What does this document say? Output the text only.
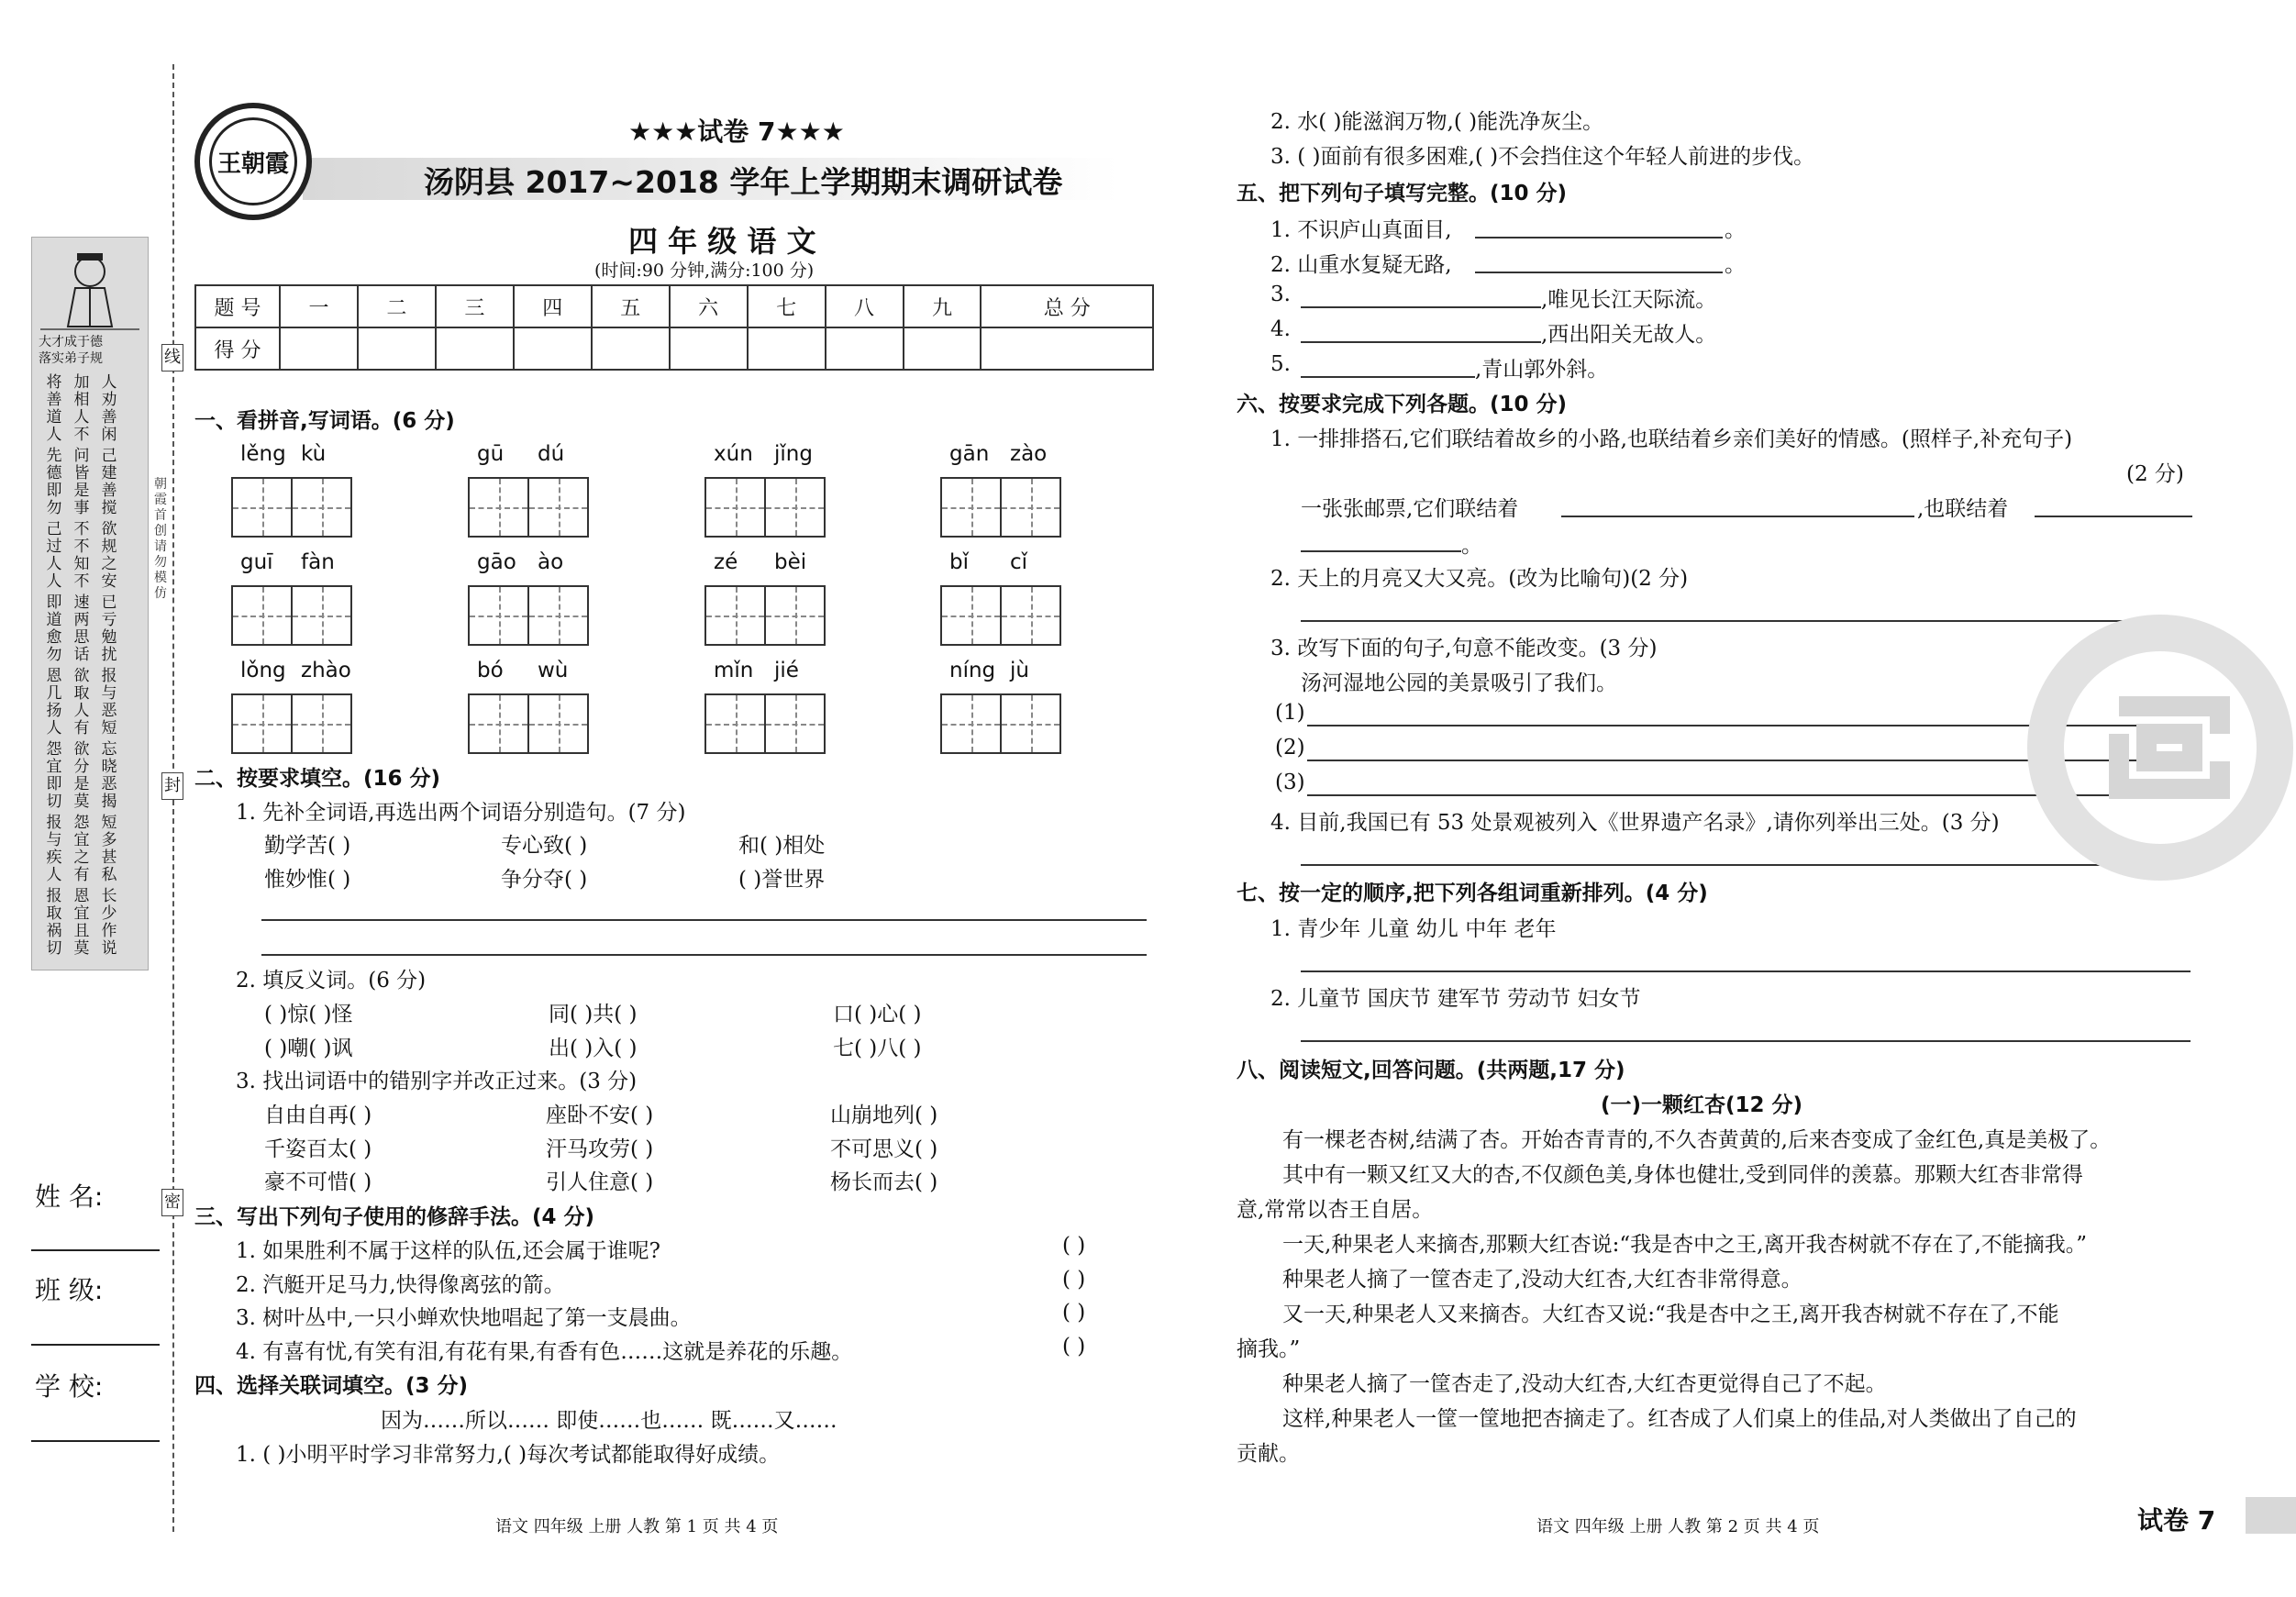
大才成于德
落实弟子规
将善道人
加相人不
人劝善闲
先德即勿
问皆是事
己建善搅
己过人人
不不知不
欲规之安
即道愈勿
速两思话
已亏勉扰
恩几扬人
欲取人有
报与恶短
怨宜即切
欲分是莫
忘晓恶揭
报与疾人
怨宜之有
短多甚私
报取祸切
恩宜且莫
长少作说
线
封
密
朝霞首创 请勿模仿
姓 名:
班 级:
学 校:
王朝霞
★★★试卷 7★★★
汤阴县 2017~2018 学年上学期期末调研试卷
四 年 级 语 文
(时间:90 分钟,满分:100 分)
题 号	一	二	三	四	五	六	七	八	九	总 分
得 分										
一、看拼音,写词语。(6 分)
lěng kù	gū dú	xún jǐng	gān zào
guī fàn	gāo ào	zé bèi	bǐ cǐ
lǒng zhào	bó wù	mǐn jié	níng jù
二、按要求填空。(16 分)
1. 先补全词语,再选出两个词语分别造句。(7 分)
勤学苦( )	专心致( )	和( )相处
惟妙惟( )	争分夺( )	( )誉世界
2. 填反义词。(6 分)
( )惊( )怪	同( )共( )	口( )心( )
( )嘲( )讽	出( )入( )	七( )八( )
3. 找出词语中的错别字并改正过来。(3 分)
自由自再( )	座卧不安( )	山崩地列( )
千姿百太( )	汗马攻劳( )	不可思义( )
豪不可惜( )	引人住意( )	杨长而去( )
三、写出下列句子使用的修辞手法。(4 分)
1. 如果胜利不属于这样的队伍,还会属于谁呢?
2. 汽艇开足马力,快得像离弦的箭。
3. 树叶丛中,一只小蝉欢快地唱起了第一支晨曲。
4. 有喜有忧,有笑有泪,有花有果,有香有色……这就是养花的乐趣。
( )
( )
( )
( )
四、选择关联词填空。(3 分)
因为……所以…… 即使……也…… 既……又……
1. ( )小明平时学习非常努力,( )每次考试都能取得好成绩。
2. 水( )能滋润万物,( )能洗净灰尘。
3. ( )面前有很多困难,( )不会挡住这个年轻人前进的步伐。
五、把下列句子填写完整。(10 分)
1. 不识庐山真面目,	。
2. 山重水复疑无路,	。
3.	,唯见长江天际流。
4.	,西出阳关无故人。
5.	,青山郭外斜。
六、按要求完成下列各题。(10 分)
1. 一排排搭石,它们联结着故乡的小路,也联结着乡亲们美好的情感。(照样子,补充句子)
(2 分)
一张张邮票,它们联结着	,也联结着
。
2. 天上的月亮又大又亮。(改为比喻句)(2 分)
3. 改写下面的句子,句意不能改变。(3 分)
汤河湿地公园的美景吸引了我们。
(1)
(2)
(3)
4. 目前,我国已有 53 处景观被列入《世界遗产名录》,请你列举出三处。(3 分)
七、按一定的顺序,把下列各组词重新排列。(4 分)
1. 青少年 儿童 幼儿 中年 老年
2. 儿童节 国庆节 建军节 劳动节 妇女节
八、阅读短文,回答问题。(共两题,17 分)
(一)一颗红杏(12 分)
有一棵老杏树,结满了杏。开始杏青青的,不久杏黄黄的,后来杏变成了金红色,真是美极了。
其中有一颗又红又大的杏,不仅颜色美,身体也健壮,受到同伴的羡慕。那颗大红杏非常得
意,常常以杏王自居。
一天,种果老人来摘杏,那颗大红杏说:“我是杏中之王,离开我杏树就不存在了,不能摘我。”
种果老人摘了一筐杏走了,没动大红杏,大红杏非常得意。
又一天,种果老人又来摘杏。大红杏又说:“我是杏中之王,离开我杏树就不存在了,不能
摘我。”
种果老人摘了一筐杏走了,没动大红杏,大红杏更觉得自己了不起。
这样,种果老人一筐一筐地把杏摘走了。红杏成了人们桌上的佳品,对人类做出了自己的
贡献。
语文 四年级 上册 人教 第 1 页 共 4 页	语文 四年级 上册 人教 第 2 页 共 4 页	试卷 7
